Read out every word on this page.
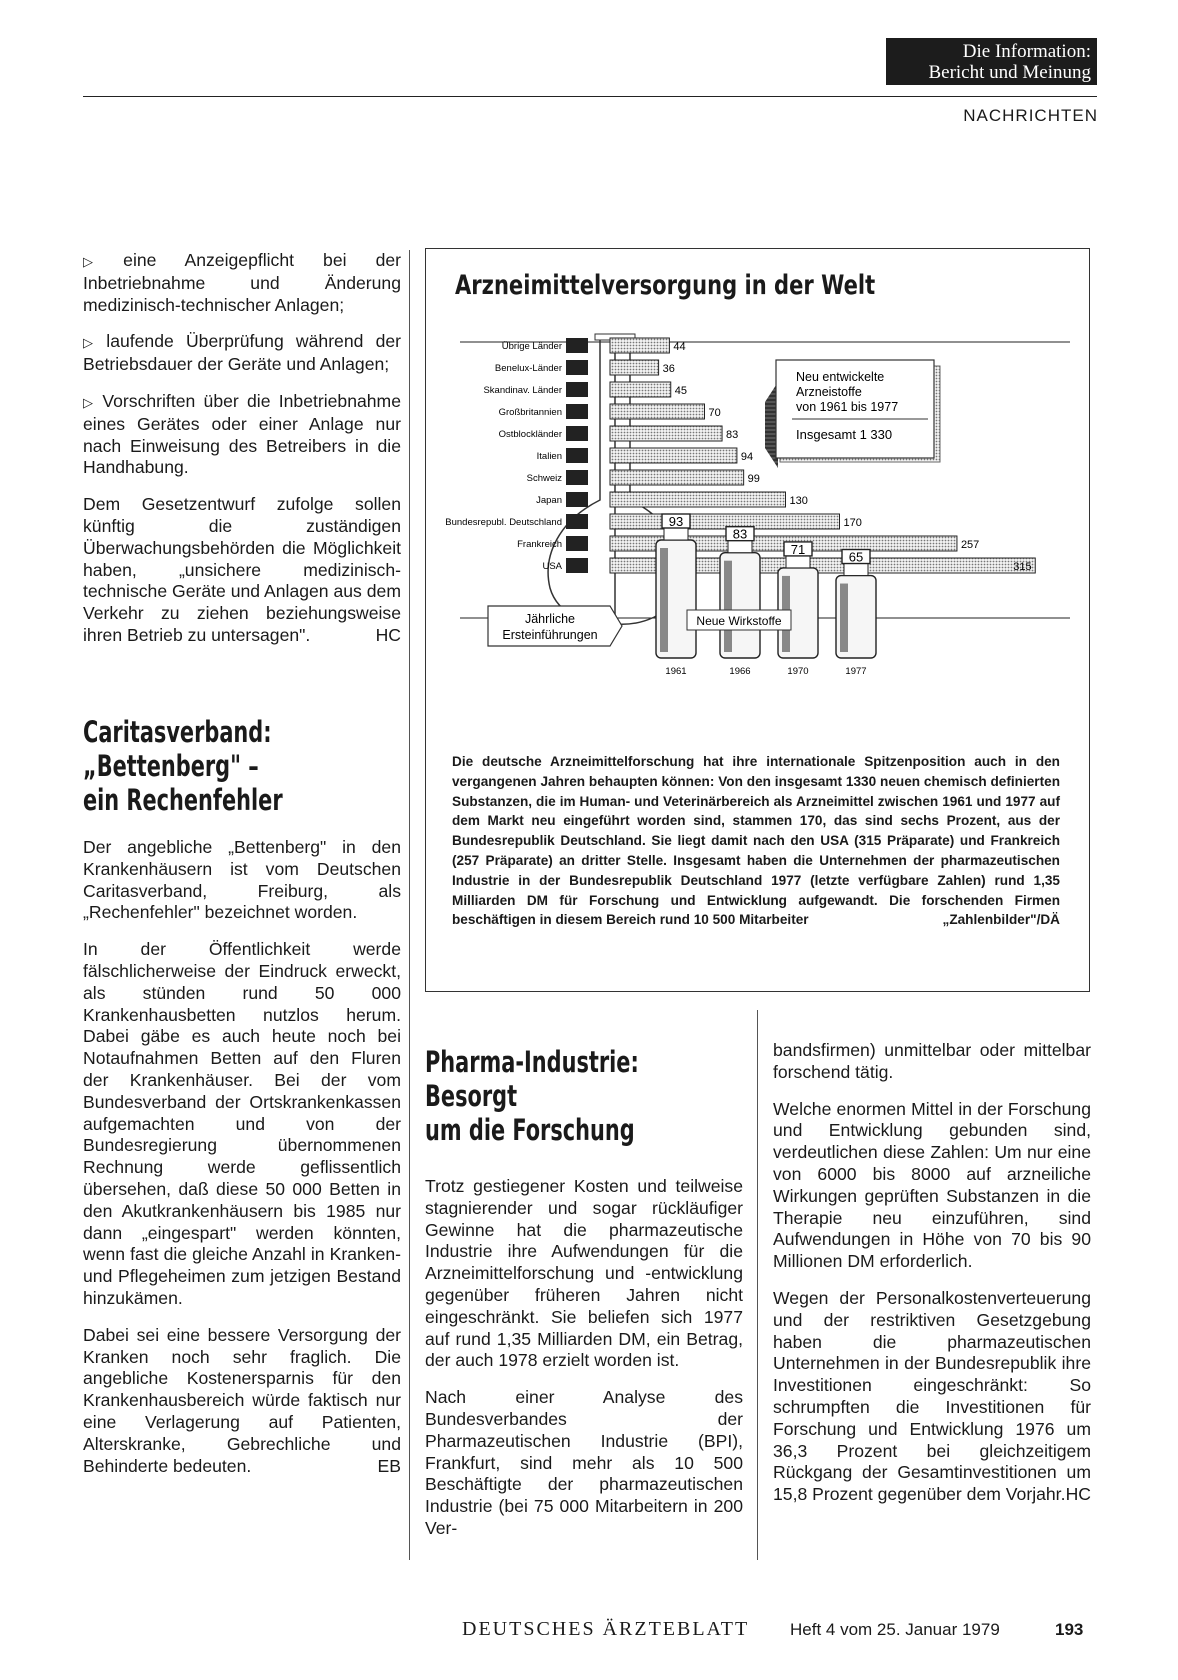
Die Information:
Bericht und Meinung
NACHRICHTEN
▷ eine Anzeigepflicht bei der Inbetriebnahme und Änderung medizinisch-technischer Anlagen;
▷ laufende Überprüfung während der Betriebsdauer der Geräte und Anlagen;
▷ Vorschriften über die Inbetriebnahme eines Gerätes oder einer Anlage nur nach Einweisung des Betreibers in die Handhabung.

Dem Gesetzentwurf zufolge sollen künftig die zuständigen Überwachungsbehörden die Möglichkeit haben, „unsichere medizinisch-technische Geräte und Anlagen aus dem Verkehr zu ziehen beziehungsweise ihren Betrieb zu untersagen".	HC

Caritasverband:
„Bettenberg" –
ein Rechenfehler

Der angebliche „Bettenberg" in den Krankenhäusern ist vom Deutschen Caritasverband, Freiburg, als „Rechenfehler" bezeichnet worden.

In der Öffentlichkeit werde fälschlicherweise der Eindruck erweckt, als stünden rund 50 000 Krankenhausbetten nutzlos herum. Dabei gäbe es auch heute noch bei Notaufnahmen Betten auf den Fluren der Krankenhäuser. Bei der vom Bundesverband der Ortskrankenkassen aufgemachten und von der Bundesregierung übernommenen Rechnung werde geflissentlich übersehen, daß diese 50 000 Betten in den Akutkrankenhäusern bis 1985 nur dann „eingespart" werden könnten, wenn fast die gleiche Anzahl in Kranken- und Pflegeheimen zum jetzigen Bestand hinzukämen.

Dabei sei eine bessere Versorgung der Kranken noch sehr fraglich. Die angebliche Kostenersparnis für den Krankenhausbereich würde faktisch nur eine Verlagerung auf Patienten, Alterskranke, Gebrechliche und Behinderte bedeuten.	EB

Arzneimittelversorgung in der Welt
Übrige Länder	44
Benelux-Länder	36
Skandinav. Länder	45
Großbritannien	70
Ostblockländer	83
Italien	94
Schweiz	99
Japan	130
Bundesrepubl. Deutschland	170
Frankreich	257
USA	315
Neu entwickelte
Arzneistoffe
von 1961 bis 1977
Insgesamt 1 330
93
1961
83
1966
71
1970
65
1977
Jährliche
Ersteinführungen
Neue Wirkstoffe
Die deutsche Arzneimittelforschung hat ihre internationale Spitzenposition auch in den vergangenen Jahren behaupten können: Von den insgesamt 1330 neuen chemisch definierten Substanzen, die im Human- und Veterinärbereich als Arzneimittel zwischen 1961 und 1977 auf dem Markt neu eingeführt worden sind, stammen 170, das sind sechs Prozent, aus der Bundesrepublik Deutschland. Sie liegt damit nach den USA (315 Präparate) und Frankreich (257 Präparate) an dritter Stelle. Insgesamt haben die Unternehmen der pharmazeutischen Industrie in der Bundesrepublik Deutschland 1977 (letzte verfügbare Zahlen) rund 1,35 Milliarden DM für Forschung und Entwicklung aufgewandt. Die forschenden Firmen beschäftigen in diesem Bereich rund 10 500 Mitarbeiter	„Zahlenbilder"/DÄ
Pharma-Industrie:
Besorgt
um die Forschung

Trotz gestiegener Kosten und teilweise stagnierender und sogar rückläufiger Gewinne hat die pharmazeutische Industrie ihre Aufwendungen für die Arzneimittelforschung und -entwicklung gegenüber früheren Jahren nicht eingeschränkt. Sie beliefen sich 1977 auf rund 1,35 Milliarden DM, ein Betrag, der auch 1978 erzielt worden ist.

Nach einer Analyse des Bundesverbandes der Pharmazeutischen Industrie (BPI), Frankfurt, sind mehr als 10 500 Beschäftigte der pharmazeutischen Industrie (bei 75 000 Mitarbeitern in 200 Ver-

bandsfirmen) unmittelbar oder mittelbar forschend tätig.

Welche enormen Mittel in der Forschung und Entwicklung gebunden sind, verdeutlichen diese Zahlen: Um nur eine von 6000 bis 8000 auf arzneiliche Wirkungen geprüften Substanzen in die Therapie neu einzuführen, sind Aufwendungen in Höhe von 70 bis 90 Millionen DM erforderlich.

Wegen der Personalkostenverteuerung und der restriktiven Gesetzgebung haben die pharmazeutischen Unternehmen in der Bundesrepublik ihre Investitionen eingeschränkt: So schrumpften die Investitionen für Forschung und Entwicklung 1976 um 36,3 Prozent bei gleichzeitigem Rückgang der Gesamtinvestitionen um 15,8 Prozent gegenüber dem Vorjahr. HC

DEUTSCHES ÄRZTEBLATT Heft 4 vom 25. Januar 1979	193
